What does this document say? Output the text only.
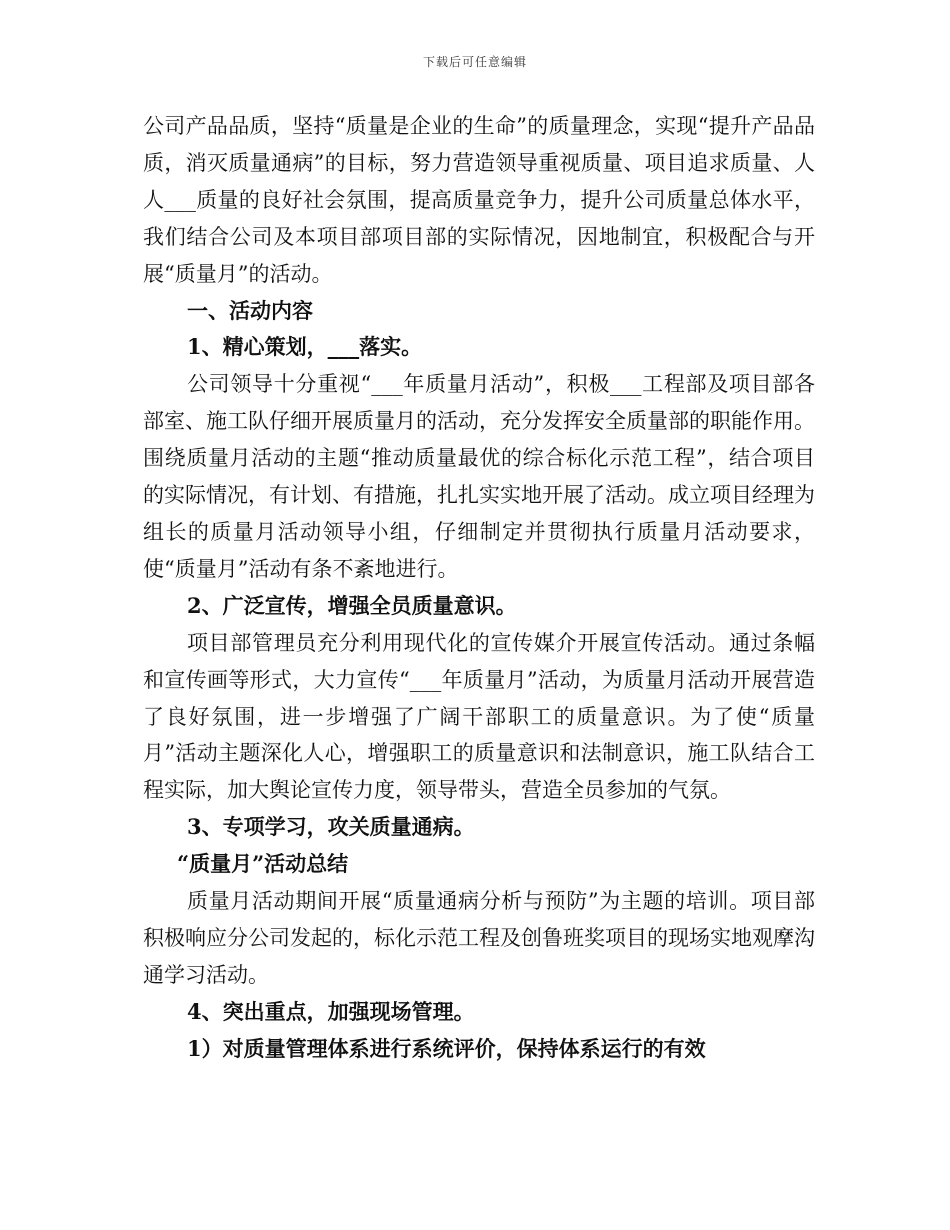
下载后可任意编辑

公司产品品质，坚持“质量是企业的生命”的质量理念，实现“提升产品品质，消灭质量通病”的目标，努力营造领导重视质量、项目追求质量、人人___质量的良好社会氛围，提高质量竞争力，提升公司质量总体水平，我们结合公司及本项目部项目部的实际情况，因地制宜，积极配合与开展“质量月”的活动。

一、活动内容

1、精心策划，___落实。

公司领导十分重视“___年质量月活动”，积极___工程部及项目部各部室、施工队仔细开展质量月的活动，充分发挥安全质量部的职能作用。围绕质量月活动的主题“推动质量最优的综合标化示范工程”，结合项目的实际情况，有计划、有措施，扎扎实实地开展了活动。成立项目经理为组长的质量月活动领导小组，仔细制定并贯彻执行质量月活动要求，使“质量月”活动有条不紊地进行。

2、广泛宣传，增强全员质量意识。

项目部管理员充分利用现代化的宣传媒介开展宣传活动。通过条幅和宣传画等形式，大力宣传“___年质量月”活动，为质量月活动开展营造了良好氛围，进一步增强了广阔干部职工的质量意识。为了使“质量月”活动主题深化人心，增强职工的质量意识和法制意识，施工队结合工程实际，加大舆论宣传力度，领导带头，营造全员参加的气氛。

3、专项学习，攻关质量通病。

“质量月”活动总结

质量月活动期间开展“质量通病分析与预防”为主题的培训。项目部积极响应分公司发起的，标化示范工程及创鲁班奖项目的现场实地观摩沟通学习活动。

4、突出重点，加强现场管理。

1）对质量管理体系进行系统评价，保持体系运行的有效
